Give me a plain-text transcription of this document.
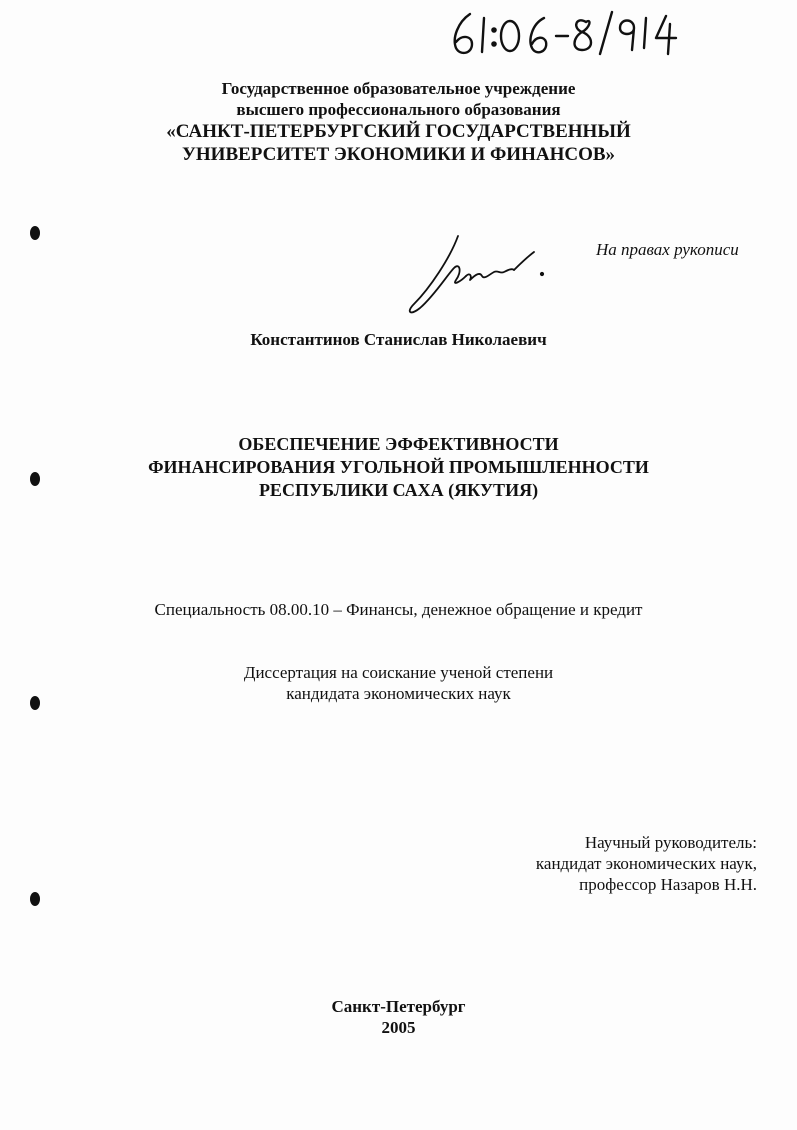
Государственное образовательное учреждение
высшего профессионального образования
«САНКТ-ПЕТЕРБУРГСКИЙ ГОСУДАРСТВЕННЫЙ
УНИВЕРСИТЕТ ЭКОНОМИКИ И ФИНАНСОВ»
На правах рукописи
Константинов Станислав Николаевич
ОБЕСПЕЧЕНИЕ ЭФФЕКТИВНОСТИ
ФИНАНСИРОВАНИЯ УГОЛЬНОЙ ПРОМЫШЛЕННОСТИ
РЕСПУБЛИКИ САХА (ЯКУТИЯ)
Специальность 08.00.10 – Финансы, денежное обращение и кредит
Диссертация на соискание ученой степени
кандидата экономических наук
Научный руководитель:
кандидат экономических наук,
профессор Назаров Н.Н.
Санкт-Петербург
2005
